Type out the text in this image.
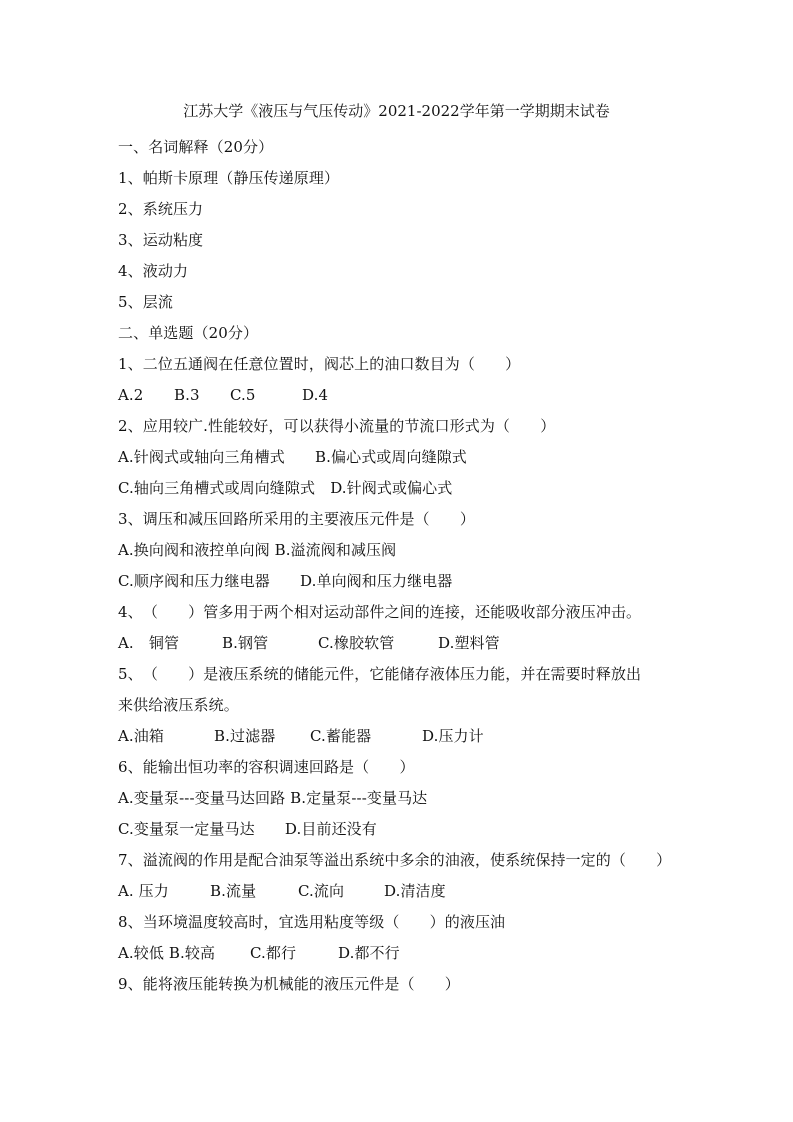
江苏大学《液压与气压传动》2021-2022学年第一学期期末试卷
一、名词解释（20分）
1、帕斯卡原理（静压传递原理）
2、系统压力
3、运动粘度
4、液动力
5、层流
二、单选题（20分）
1、二位五通阀在任意位置时，阀芯上的油口数目为（　　）
A.2	B.3	C.5	D.4
2、应用较广.性能较好，可以获得小流量的节流口形式为（　　）
A.针阀式或轴向三角槽式　　B.偏心式或周向缝隙式
C.轴向三角槽式或周向缝隙式　D.针阀式或偏心式
3、调压和减压回路所采用的主要液压元件是（　　）
A.换向阀和液控单向阀 B.溢流阀和减压阀
C.顺序阀和压力继电器　　D.单向阀和压力继电器
4、　（　　）管多用于两个相对运动部件之间的连接，还能吸收部分液压冲击。
A.　铜管	B.钢管	C.橡胶软管	D.塑料管
5、　（　　）是液压系统的储能元件，它能储存液体压力能，并在需要时释放出
来供给液压系统。
A.油箱	B.过滤器	C.蓄能器	D.压力计
6、能输出恒功率的容积调速回路是（　　）
A.变量泵---变量马达回路 B.定量泵---变量马达
C.变量泵一定量马达　　D.目前还没有
7、溢流阀的作用是配合油泵等溢出系统中多余的油液，使系统保持一定的（　　）
A. 压力	B.流量	C.流向	D.清洁度
8、当环境温度较高时，宜选用粘度等级（　　）的液压油
A.较低 B.较高	C.都行	D.都不行
9、能将液压能转换为机械能的液压元件是（　　）
